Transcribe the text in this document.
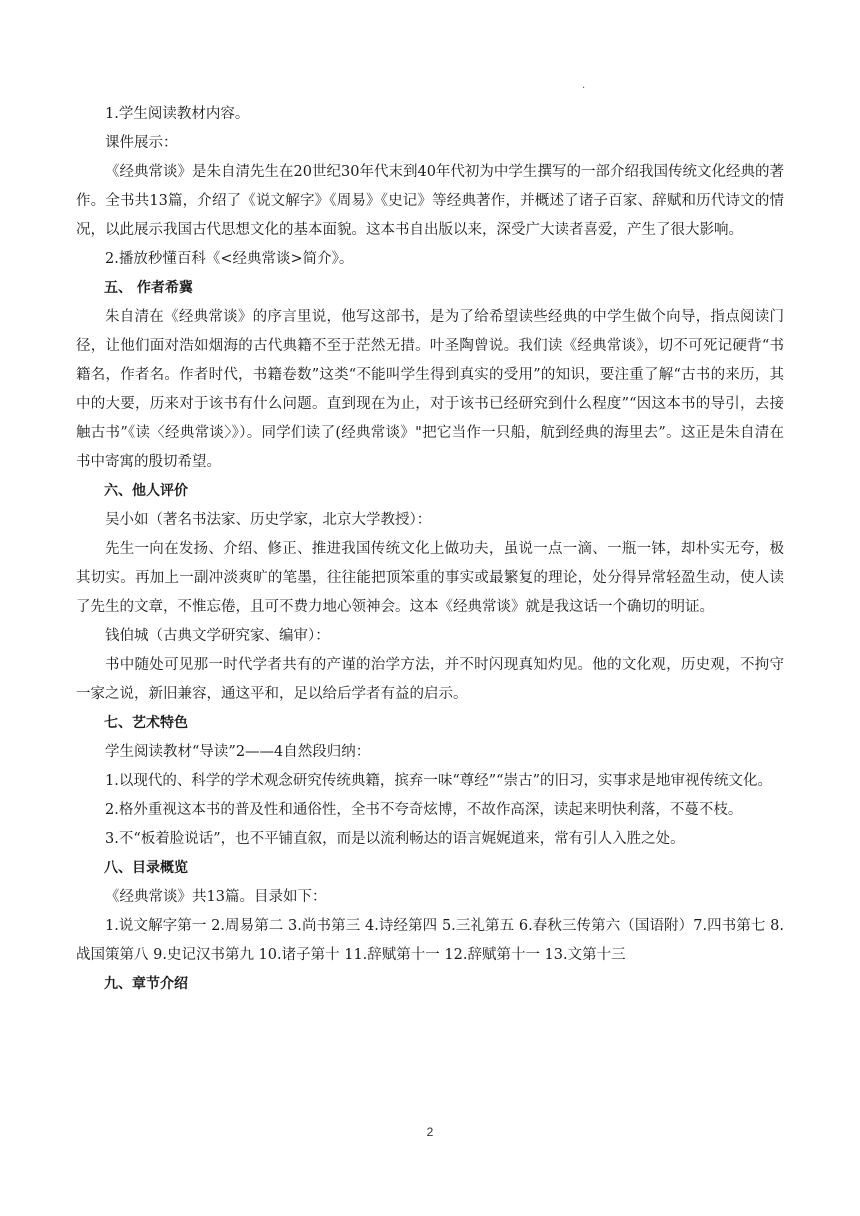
·

1.学生阅读教材内容。

课件展示：

《经典常谈》是朱自清先生在20世纪30年代末到40年代初为中学生撰写的一部介绍我国传统文化经典的著作。全书共13篇，介绍了《说文解字》《周易》《史记》等经典著作，并概述了诸子百家、辞赋和历代诗文的情况，以此展示我国古代思想文化的基本面貌。这本书自出版以来，深受广大读者喜爱，产生了很大影响。

2.播放秒懂百科《<经典常谈>简介》。

五、 作者希冀

朱自清在《经典常谈》的序言里说，他写这部书，是为了给希望读些经典的中学生做个向导，指点阅读门径，让他们面对浩如烟海的古代典籍不至于茫然无措。叶圣陶曾说。我们读《经典常谈》，切不可死记硬背“书籍名，作者名。作者时代，书籍卷数”这类“不能叫学生得到真实的受用”的知识，要注重了解“古书的来历，其中的大要，历来对于该书有什么问题。直到现在为止，对于该书已经研究到什么程度”“因这本书的导引，去接触古书”《读〈经典常谈〉》）。同学们读了(经典常谈》"把它当作一只船，航到经典的海里去”。这正是朱自清在书中寄寓的殷切希望。

六、他人评价

吴小如（著名书法家、历史学家，北京大学教授）：

先生一向在发扬、介绍、修正、推进我国传统文化上做功夫，虽说一点一滴、一瓶一钵，却朴实无夸，极其切实。再加上一副冲淡爽旷的笔墨，往往能把顶笨重的事实或最繁复的理论，处分得异常轻盈生动，使人读了先生的文章，不惟忘倦，且可不费力地心领神会。这本《经典常谈》就是我这话一个确切的明证。

钱伯城（古典文学研究家、编审）：

书中随处可见那一时代学者共有的产谨的治学方法，并不时闪现真知灼见。他的文化观，历史观，不拘守一家之说，新旧兼容，通这平和，足以给后学者有益的启示。

七、艺术特色

学生阅读教材“导读”2——4自然段归纳：

1.以现代的、科学的学术观念研究传统典籍，摈弃一味“尊经”“崇古”的旧习，实事求是地审视传统文化。

2.格外重视这本书的普及性和通俗性，全书不夸奇炫博，不故作高深，读起来明快利落，不蔓不枝。

3.不“板着脸说话”，也不平铺直叙，而是以流利畅达的语言娓娓道来，常有引人入胜之处。

八、目录概览

《经典常谈》共13篇。目录如下：

1.说文解字第一 2.周易第二 3.尚书第三 4.诗经第四 5.三礼第五 6.春秋三传第六（国语附）7.四书第七 8.战国策第八 9.史记汉书第九 10.诸子第十 11.辞赋第十一 12.辞赋第十一 13.文第十三

九、章节介绍

2
